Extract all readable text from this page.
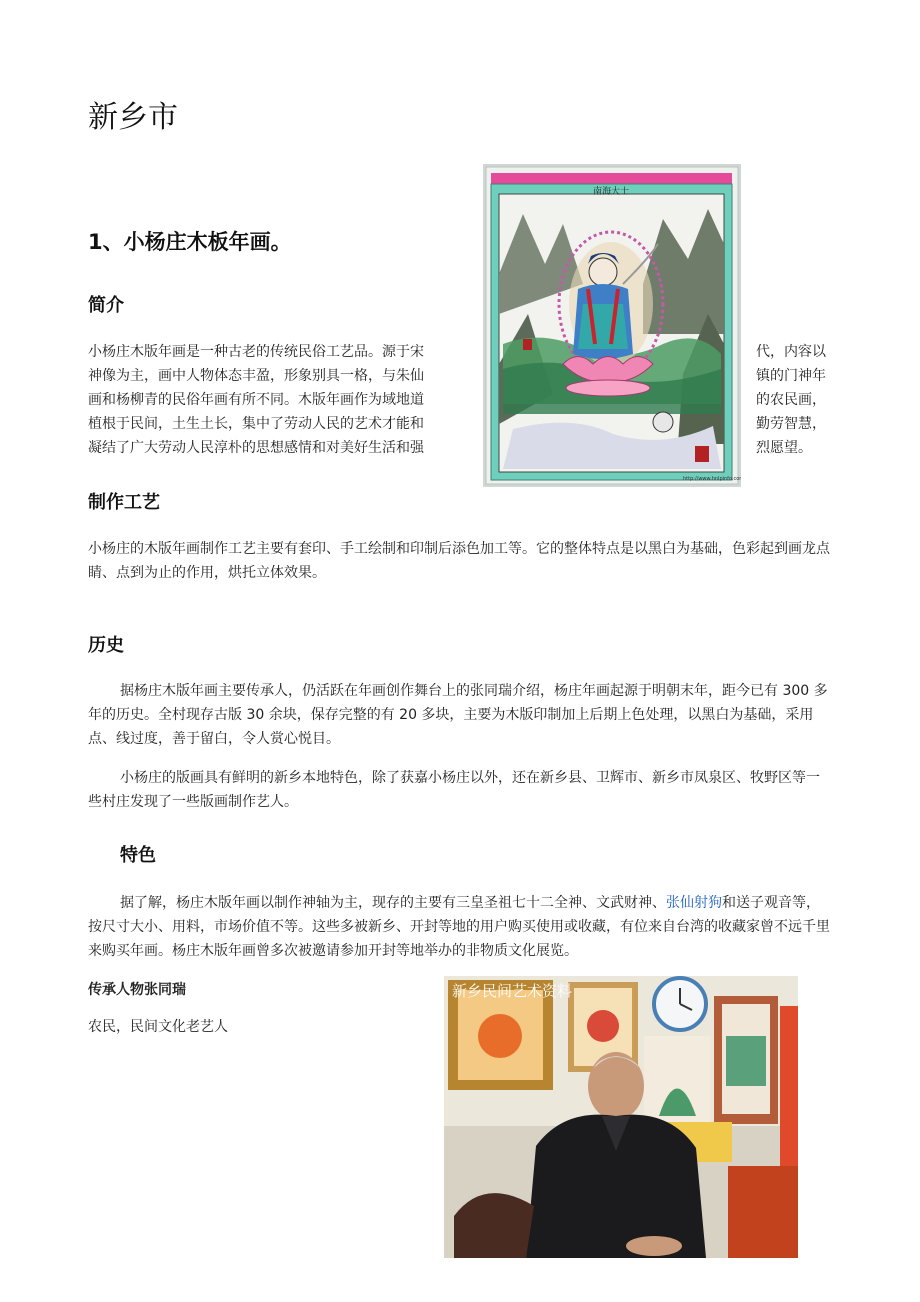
新乡市
1、小杨庄木板年画。
简介

小杨庄木版年画是一种古老的传统民俗工艺品。源于宋

神像为主，画中人物体态丰盈，形象别具一格，与朱仙

画和杨柳青的民俗年画有所不同。木版年画作为域地道

植根于民间，土生土长，集中了劳动人民的艺术才能和

凝结了广大劳动人民淳朴的思想感情和对美好生活和强

代，内容以

镇的门神年

的农民画，

勤劳智慧，

烈愿望。

南海大士
http://www.hnlpinfo.com
制作工艺

小杨庄的木版年画制作工艺主要有套印、手工绘制和印制后添色加工等。它的整体特点是以黑白为基础，色彩起到画龙点睛、点到为止的作用，烘托立体效果。

历史

据杨庄木版年画主要传承人，仍活跃在年画创作舞台上的张同瑞介绍，杨庄年画起源于明朝末年，距今已有 300 多年的历史。全村现存古版 30 余块，保存完整的有 20 多块，主要为木版印制加上后期上色处理，以黑白为基础，采用点、线过度，善于留白，令人赏心悦目。

小杨庄的版画具有鲜明的新乡本地特色，除了获嘉小杨庄以外，还在新乡县、卫辉市、新乡市凤泉区、牧野区等一些村庄发现了一些版画制作艺人。

特色

据了解，杨庄木版年画以制作神轴为主，现存的主要有三皇圣祖七十二全神、文武财神、张仙射狗和送子观音等，按尺寸大小、用料，市场价值不等。这些多被新乡、开封等地的用户购买使用或收藏，有位来自台湾的收藏家曾不远千里来购买年画。杨庄木版年画曾多次被邀请参加开封等地举办的非物质文化展览。

传承人物张同瑞
农民，民间文化老艺人
新乡民间艺术资料
